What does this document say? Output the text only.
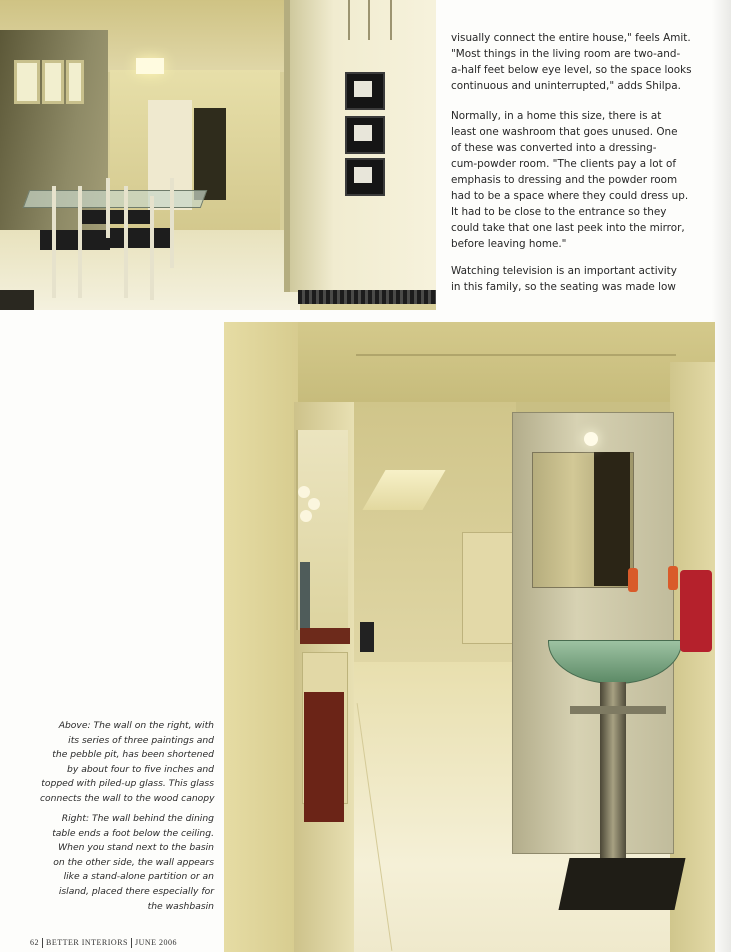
visually connect the entire house," feels Amit.
"Most things in the living room are two-and-
a-half feet below eye level, so the space looks
continuous and uninterrupted," adds Shilpa.

Normally, in a home this size, there is at
least one washroom that goes unused. One
of these was converted into a dressing-
cum-powder room. "The clients pay a lot of
emphasis to dressing and the powder room
had to be a space where they could dress up.
It had to be close to the entrance so they
could take that one last peek into the mirror,
before leaving home."

Watching television is an important activity
in this family, so the seating was made low

Above: The wall on the right, with
its series of three paintings and
the pebble pit, has been shortened
by about four to five inches and
topped with piled-up glass. This glass
connects the wall to the wood canopy

Right: The wall behind the dining
table ends a foot below the ceiling.
When you stand next to the basin
on the other side, the wall appears
like a stand-alone partition or an
island, placed there especially for
the washbasin

62 BETTER INTERIORS JUNE 2006
